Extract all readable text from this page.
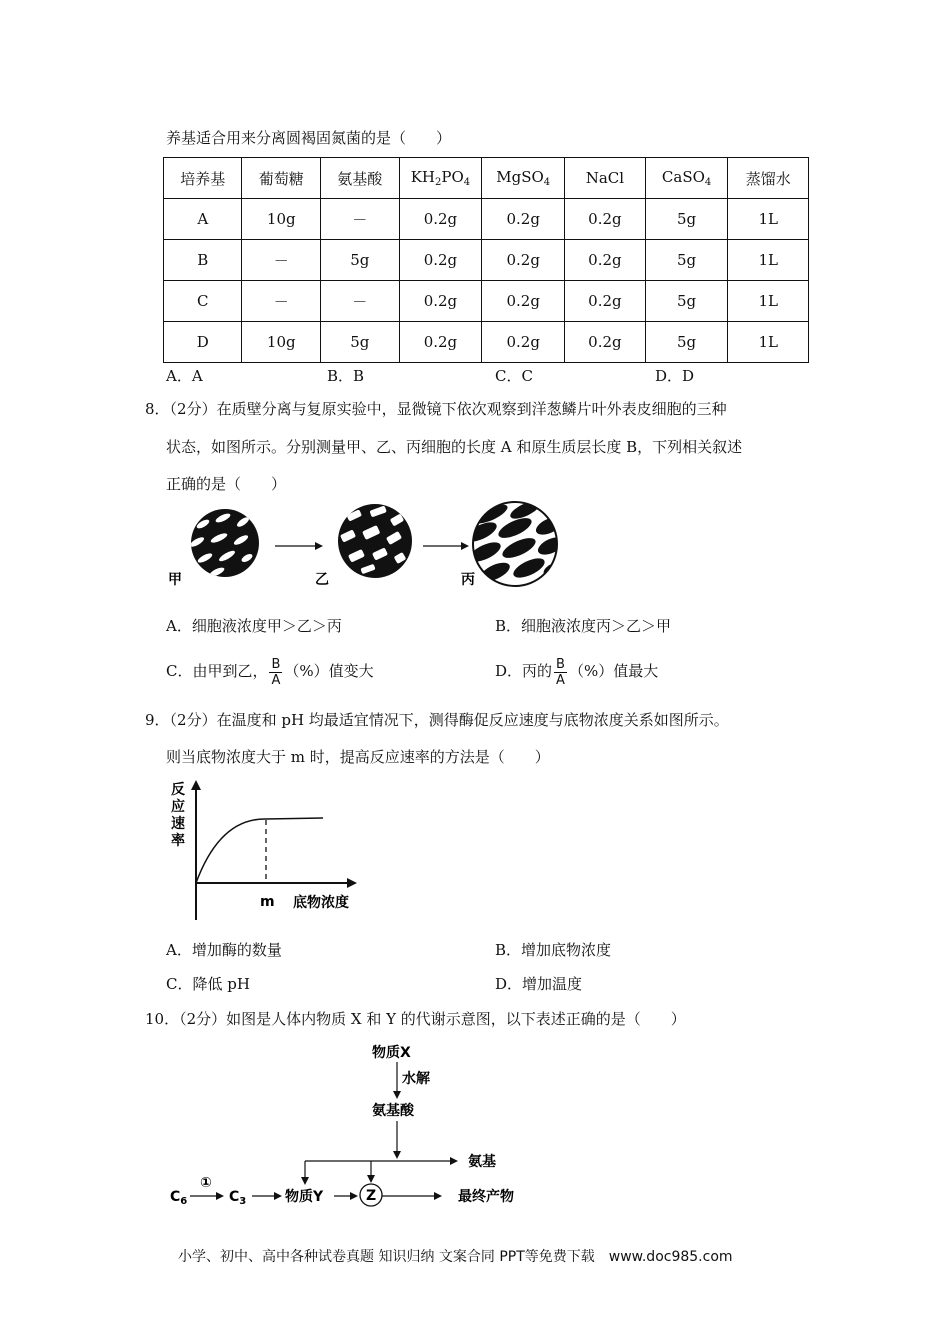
养基适合用来分离圆褐固氮菌的是（　　）
培养基	葡萄糖	氨基酸	$KH_2PO_4$	MgSO$_4$	NaCl	CaSO$_4$	蒸馏水
A	10g	－	0.2g	0.2g	0.2g	5g	1L
B	－	5g	0.2g	0.2g	0.2g	5g	1L
C	－	－	0.2g	0.2g	0.2g	5g	1L
D	10g	5g	0.2g	0.2g	0.2g	5g	1L
A．A	B．B	C．C	D．D
8．（2分）在质壁分离与复原实验中，显微镜下依次观察到洋葱鳞片叶外表皮细胞的三种
状态，如图所示。分别测量甲、乙、丙细胞的长度 A 和原生质层长度 B，下列相关叙述
正确的是（　　）
甲	乙	丙
A．细胞液浓度甲＞乙＞丙	B．细胞液浓度丙＞乙＞甲
C．由甲到乙， $\frac{B}{A}$ （%）值变大	D．丙的 $\frac{B}{A}$ （%）值最大
9．（2分）在温度和 pH 均最适宜情况下，测得酶促反应速度与底物浓度关系如图所示。
则当底物浓度大于 m 时，提高反应速率的方法是（　　）
反
应
速
率
m 底物浓度
A．增加酶的数量	B．增加底物浓度
C．降低 pH	D．增加温度
10．（2分）如图是人体内物质 X 和 Y 的代谢示意图，以下表述正确的是（　　）
物质X
水解
氨基酸
氨基
$C_6$
①
$C_3$	物质Y	Z	最终产物
小学、初中、高中各种试卷真题 知识归纳 文案合同 PPT等免费下载　www.doc985.com
